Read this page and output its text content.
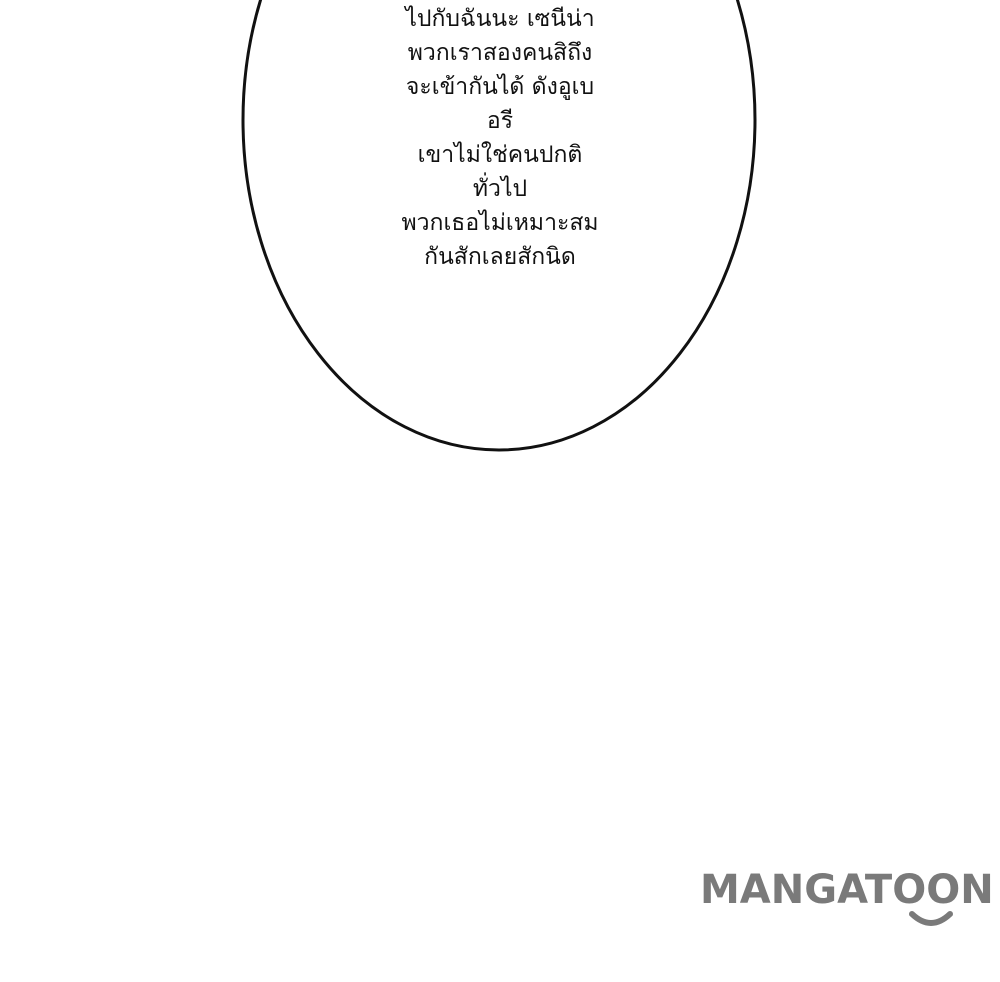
ไปกับฉันนะ เซนีน่า
พวกเราสองคนสิถึง
จะเข้ากันได้ ดังอูเบ
อรี
เขาไม่ใช่คนปกติ
ทั่วไป
พวกเธอไม่เหมาะสม
กันสักเลยสักนิด
MANGATOON
